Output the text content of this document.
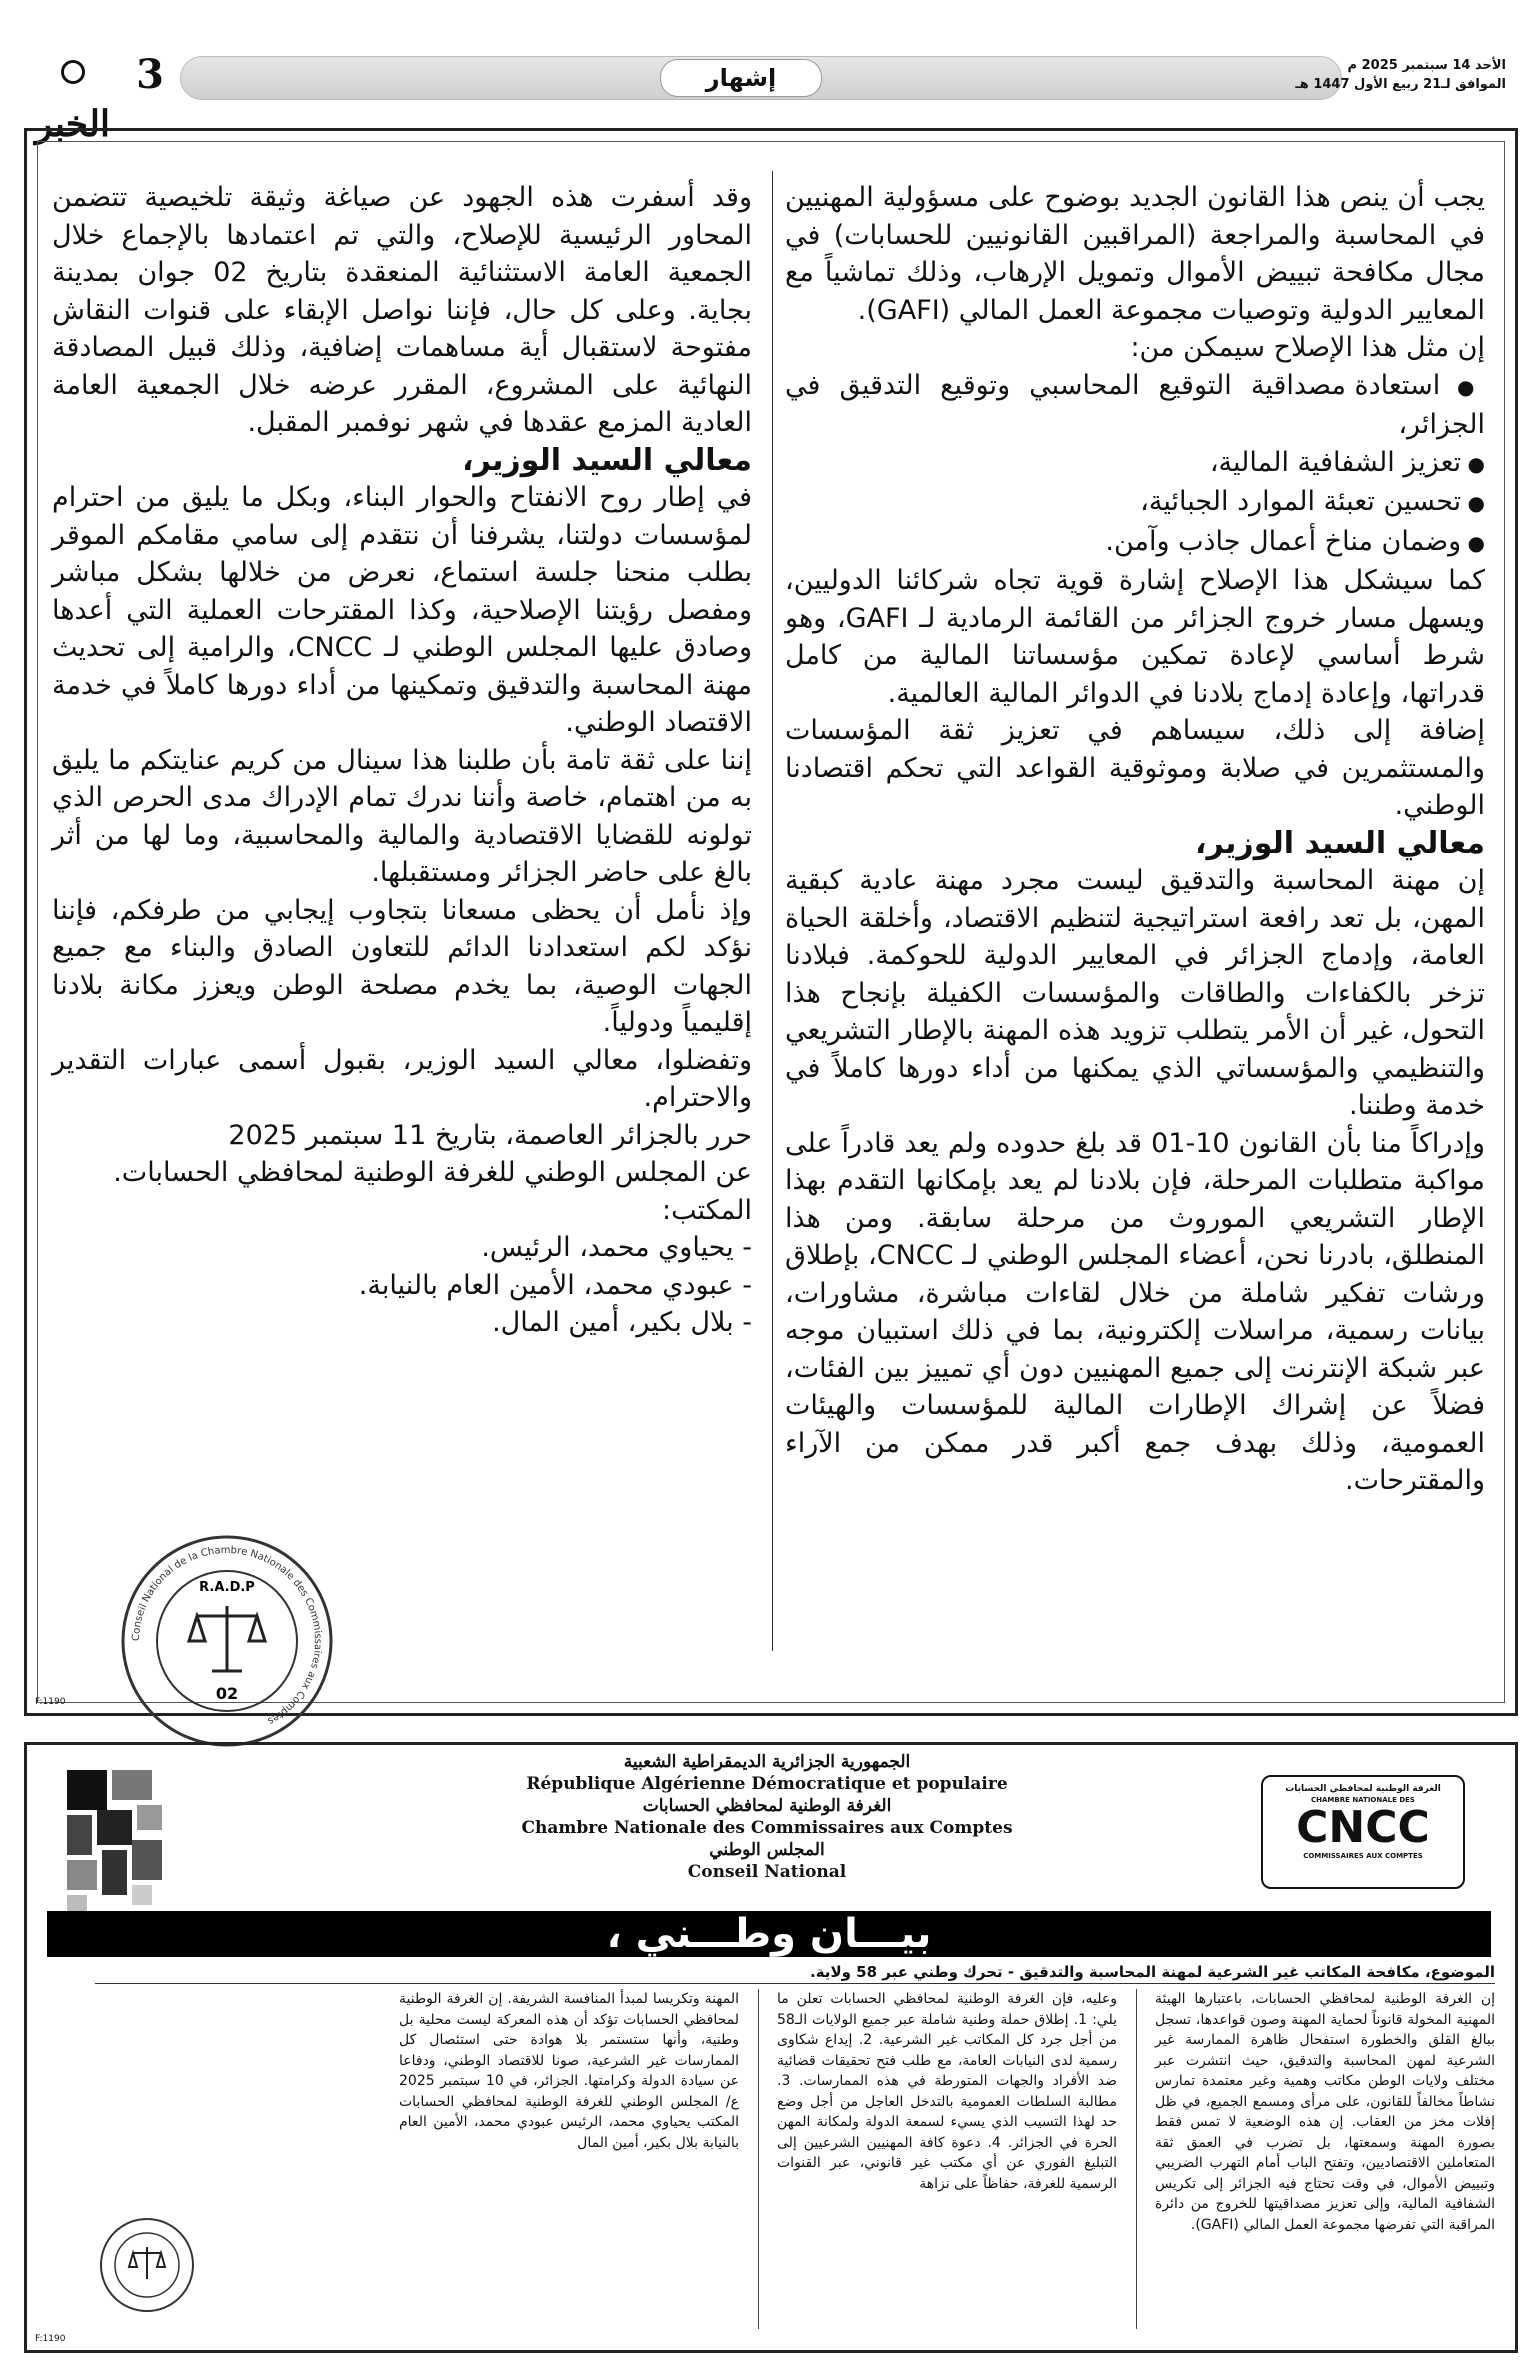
إشهار	الأحد 14 سبتمبر 2025 م
الموافق لـ21 ربيع الأول 1447 هـ
3
الخبر

يجب أن ينص هذا القانون الجديد بوضوح على مسؤولية المهنيين في المحاسبة والمراجعة (المراقبين القانونيين للحسابات) في مجال مكافحة تبييض الأموال وتمويل الإرهاب، وذلك تماشياً مع المعايير الدولية وتوصيات مجموعة العمل المالي (GAFI).

إن مثل هذا الإصلاح سيمكن من:

● استعادة مصداقية التوقيع المحاسبي وتوقيع التدقيق في الجزائر،

● تعزيز الشفافية المالية،

● تحسين تعبئة الموارد الجبائية،

● وضمان مناخ أعمال جاذب وآمن.

كما سيشكل هذا الإصلاح إشارة قوية تجاه شركائنا الدوليين، ويسهل مسار خروج الجزائر من القائمة الرمادية لـ GAFI، وهو شرط أساسي لإعادة تمكين مؤسساتنا المالية من كامل قدراتها، وإعادة إدماج بلادنا في الدوائر المالية العالمية.

إضافة إلى ذلك، سيساهم في تعزيز ثقة المؤسسات والمستثمرين في صلابة وموثوقية القواعد التي تحكم اقتصادنا الوطني.

معالي السيد الوزير،

إن مهنة المحاسبة والتدقيق ليست مجرد مهنة عادية كبقية المهن، بل تعد رافعة استراتيجية لتنظيم الاقتصاد، وأخلقة الحياة العامة، وإدماج الجزائر في المعايير الدولية للحوكمة. فبلادنا تزخر بالكفاءات والطاقات والمؤسسات الكفيلة بإنجاح هذا التحول، غير أن الأمر يتطلب تزويد هذه المهنة بالإطار التشريعي والتنظيمي والمؤسساتي الذي يمكنها من أداء دورها كاملاً في خدمة وطننا.

وإدراكاً منا بأن القانون 10-01 قد بلغ حدوده ولم يعد قادراً على مواكبة متطلبات المرحلة، فإن بلادنا لم يعد بإمكانها التقدم بهذا الإطار التشريعي الموروث من مرحلة سابقة. ومن هذا المنطلق، بادرنا نحن، أعضاء المجلس الوطني لـ CNCC، بإطلاق ورشات تفكير شاملة من خلال لقاءات مباشرة، مشاورات، بيانات رسمية، مراسلات إلكترونية، بما في ذلك استبيان موجه عبر شبكة الإنترنت إلى جميع المهنيين دون أي تمييز بين الفئات، فضلاً عن إشراك الإطارات المالية للمؤسسات والهيئات العمومية، وذلك بهدف جمع أكبر قدر ممكن من الآراء والمقترحات.

وقد أسفرت هذه الجهود عن صياغة وثيقة تلخيصية تتضمن المحاور الرئيسية للإصلاح، والتي تم اعتمادها بالإجماع خلال الجمعية العامة الاستثنائية المنعقدة بتاريخ 02 جوان بمدينة بجاية. وعلى كل حال، فإننا نواصل الإبقاء على قنوات النقاش مفتوحة لاستقبال أية مساهمات إضافية، وذلك قبيل المصادقة النهائية على المشروع، المقرر عرضه خلال الجمعية العامة العادية المزمع عقدها في شهر نوفمبر المقبل.

معالي السيد الوزير،

في إطار روح الانفتاح والحوار البناء، وبكل ما يليق من احترام لمؤسسات دولتنا، يشرفنا أن نتقدم إلى سامي مقامكم الموقر بطلب منحنا جلسة استماع، نعرض من خلالها بشكل مباشر ومفصل رؤيتنا الإصلاحية، وكذا المقترحات العملية التي أعدها وصادق عليها المجلس الوطني لـ CNCC، والرامية إلى تحديث مهنة المحاسبة والتدقيق وتمكينها من أداء دورها كاملاً في خدمة الاقتصاد الوطني.

إننا على ثقة تامة بأن طلبنا هذا سينال من كريم عنايتكم ما يليق به من اهتمام، خاصة وأننا ندرك تمام الإدراك مدى الحرص الذي تولونه للقضايا الاقتصادية والمالية والمحاسبية، وما لها من أثر بالغ على حاضر الجزائر ومستقبلها.

وإذ نأمل أن يحظى مسعانا بتجاوب إيجابي من طرفكم، فإننا نؤكد لكم استعدادنا الدائم للتعاون الصادق والبناء مع جميع الجهات الوصية، بما يخدم مصلحة الوطن ويعزز مكانة بلادنا إقليمياً ودولياً.

وتفضلوا، معالي السيد الوزير، بقبول أسمى عبارات التقدير والاحترام.

حرر بالجزائر العاصمة، بتاريخ 11 سبتمبر 2025

عن المجلس الوطني للغرفة الوطنية لمحافظي الحسابات.

المكتب:

- يحياوي محمد، الرئيس.

- عبودي محمد، الأمين العام بالنيابة.

- بلال بكير، أمين المال.

Conseil National de la Chambre Nationale des Commissaires aux Comptes
R.A.D.P
02
F:1190
الجمهورية الجزائرية الديمقراطية الشعبية
République Algérienne Démocratique et populaire
الغرفة الوطنية لمحافظي الحسابات
Chambre Nationale des Commissaires aux Comptes
المجلس الوطني
Conseil National
الغرفة الوطنية لمحافظي الحسابات
CHAMBRE NATIONALE DES
CNCC
COMMISSAIRES AUX COMPTES
بيـــان وطـــني ،
الموضوع، مكافحة المكاتب غير الشرعية لمهنة المحاسبة والتدقيق - تحرك وطني عبر 58 ولاية.

إن الغرفة الوطنية لمحافظي الحسابات، باعتبارها الهيئة المهنية المخولة قانوناً لحماية المهنة وصون قواعدها، تسجل ببالغ القلق والخطورة استفحال ظاهرة الممارسة غير الشرعية لمهن المحاسبة والتدقيق، حيث انتشرت عبر مختلف ولايات الوطن مكاتب وهمية وغير معتمدة تمارس نشاطاً مخالفاً للقانون، على مرأى ومسمع الجميع، في ظل إفلات مخز من العقاب. إن هذه الوضعية لا تمس فقط بصورة المهنة وسمعتها، بل تضرب في العمق ثقة المتعاملين الاقتصاديين، وتفتح الباب أمام التهرب الضريبي وتبييض الأموال، في وقت تحتاج فيه الجزائر إلى تكريس الشفافية المالية، وإلى تعزيز مصداقيتها للخروج من دائرة المراقبة التي تفرضها مجموعة العمل المالي (GAFI).

وعليه، فإن الغرفة الوطنية لمحافظي الحسابات تعلن ما يلي: 1. إطلاق حملة وطنية شاملة عبر جميع الولايات الـ58 من أجل جرد كل المكاتب غير الشرعية. 2. إيداع شكاوى رسمية لدى النيابات العامة، مع طلب فتح تحقيقات قضائية ضد الأفراد والجهات المتورطة في هذه الممارسات. 3. مطالبة السلطات العمومية بالتدخل العاجل من أجل وضع حد لهذا التسيب الذي يسيء لسمعة الدولة ولمكانة المهن الحرة في الجزائر. 4. دعوة كافة المهنيين الشرعيين إلى التبليغ الفوري عن أي مكتب غير قانوني، عبر القنوات الرسمية للغرفة، حفاظاً على نزاهة

المهنة وتكريسا لمبدأ المنافسة الشريفة. إن الغرفة الوطنية لمحافظي الحسابات تؤكد أن هذه المعركة ليست محلية بل وطنية، وأنها ستستمر بلا هوادة حتى استئصال كل الممارسات غير الشرعية، صونا للاقتصاد الوطني، ودفاعا عن سيادة الدولة وكرامتها. الجزائر، في 10 سبتمبر 2025 ع/ المجلس الوطني للغرفة الوطنية لمحافظي الحسابات المكتب يحياوي محمد، الرئيس عبودي محمد، الأمين العام بالنيابة بلال بكير، أمين المال

F:1190
